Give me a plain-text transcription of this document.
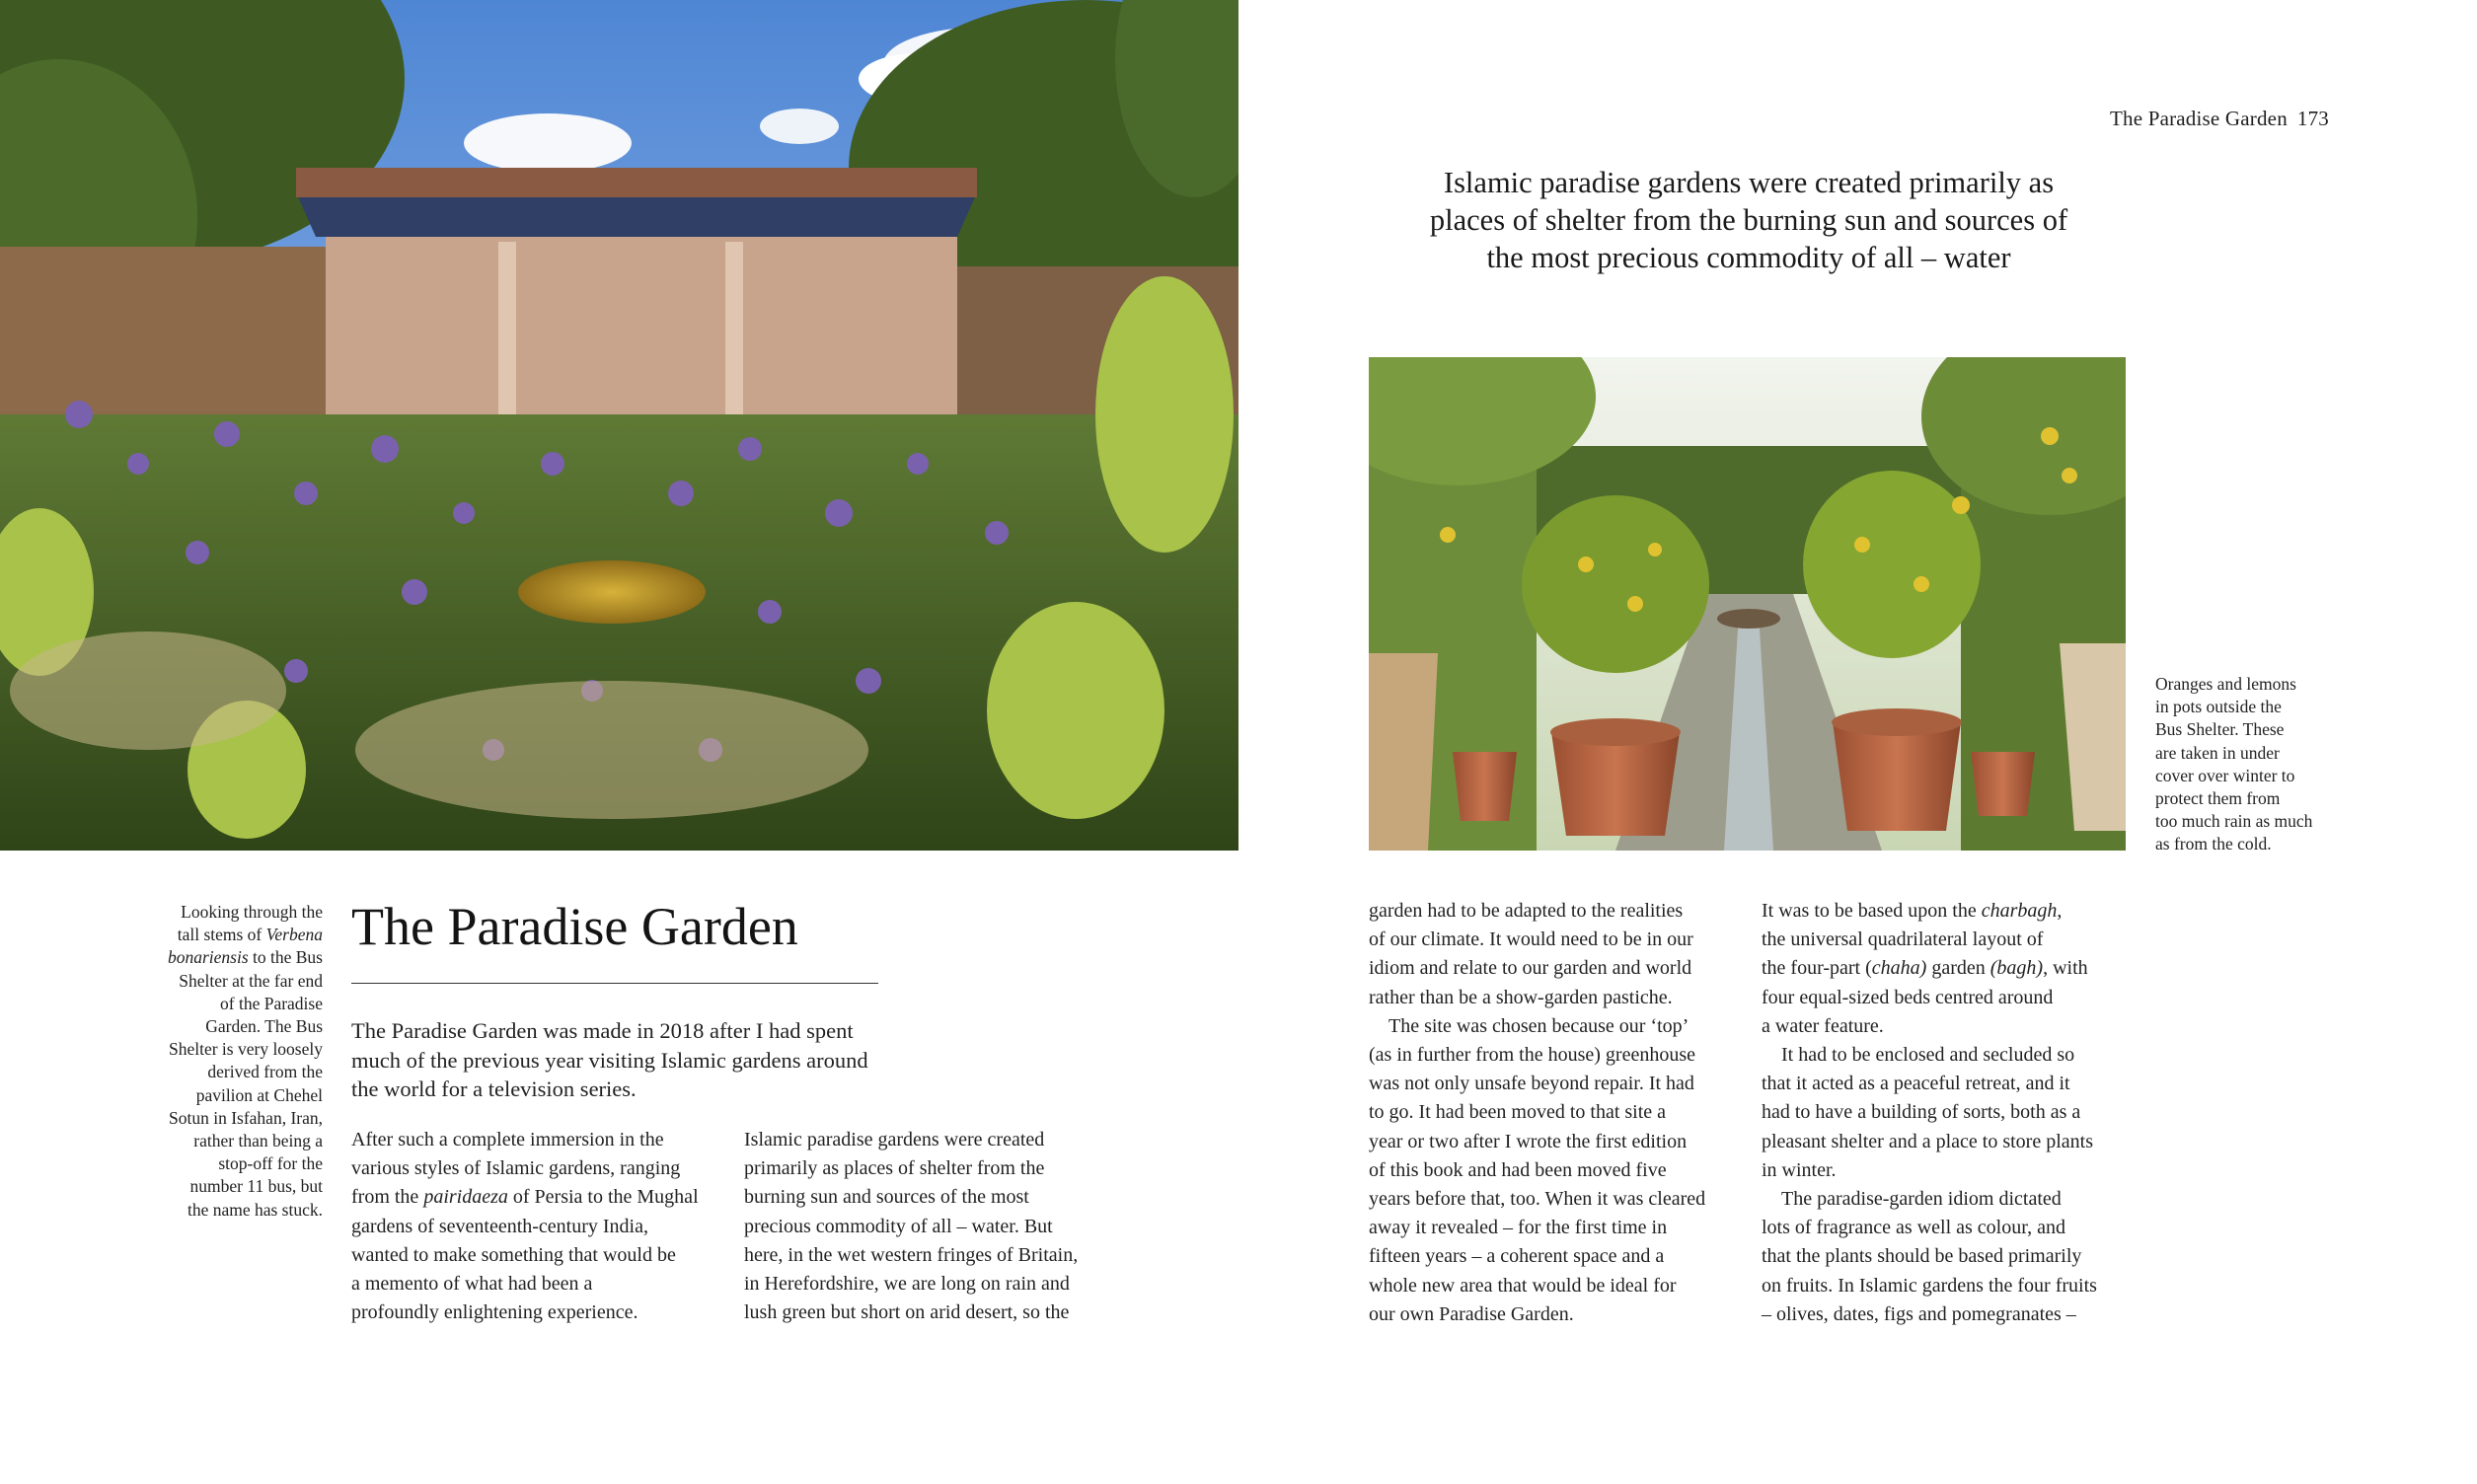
The Paradise Garden 173
Islamic paradise gardens were created primarily as
places of shelter from the burning sun and sources of
the most precious commodity of all – water
Looking through the
tall stems of Verbena
bonariensis to the Bus
Shelter at the far end
of the Paradise
Garden. The Bus
Shelter is very loosely
derived from the
pavilion at Chehel
Sotun in Isfahan, Iran,
rather than being a
stop-off for the
number 11 bus, but
the name has stuck.
Oranges and lemons
in pots outside the
Bus Shelter. These
are taken in under
cover over winter to
protect them from
too much rain as much
as from the cold.
The Paradise Garden
The Paradise Garden was made in 2018 after I had spent
much of the previous year visiting Islamic gardens around
the world for a television series.
After such a complete immersion in the
various styles of Islamic gardens, ranging
from the pairidaeza of Persia to the Mughal
gardens of seventeenth-century India,
wanted to make something that would be
a memento of what had been a
profoundly enlightening experience.
Islamic paradise gardens were created
primarily as places of shelter from the
burning sun and sources of the most
precious commodity of all – water. But
here, in the wet western fringes of Britain,
in Herefordshire, we are long on rain and
lush green but short on arid desert, so the
garden had to be adapted to the realities
of our climate. It would need to be in our
idiom and relate to our garden and world
rather than be a show-garden pastiche.
 The site was chosen because our ‘top’
(as in further from the house) greenhouse
was not only unsafe beyond repair. It had
to go. It had been moved to that site a
year or two after I wrote the first edition
of this book and had been moved five
years before that, too. When it was cleared
away it revealed – for the first time in
fifteen years – a coherent space and a
whole new area that would be ideal for
our own Paradise Garden.
It was to be based upon the charbagh,
the universal quadrilateral layout of
the four-part (chaha) garden (bagh), with
four equal-sized beds centred around
a water feature.
 It had to be enclosed and secluded so
that it acted as a peaceful retreat, and it
had to have a building of sorts, both as a
pleasant shelter and a place to store plants
in winter.
 The paradise-garden idiom dictated
lots of fragrance as well as colour, and
that the plants should be based primarily
on fruits. In Islamic gardens the four fruits
– olives, dates, figs and pomegranates –
